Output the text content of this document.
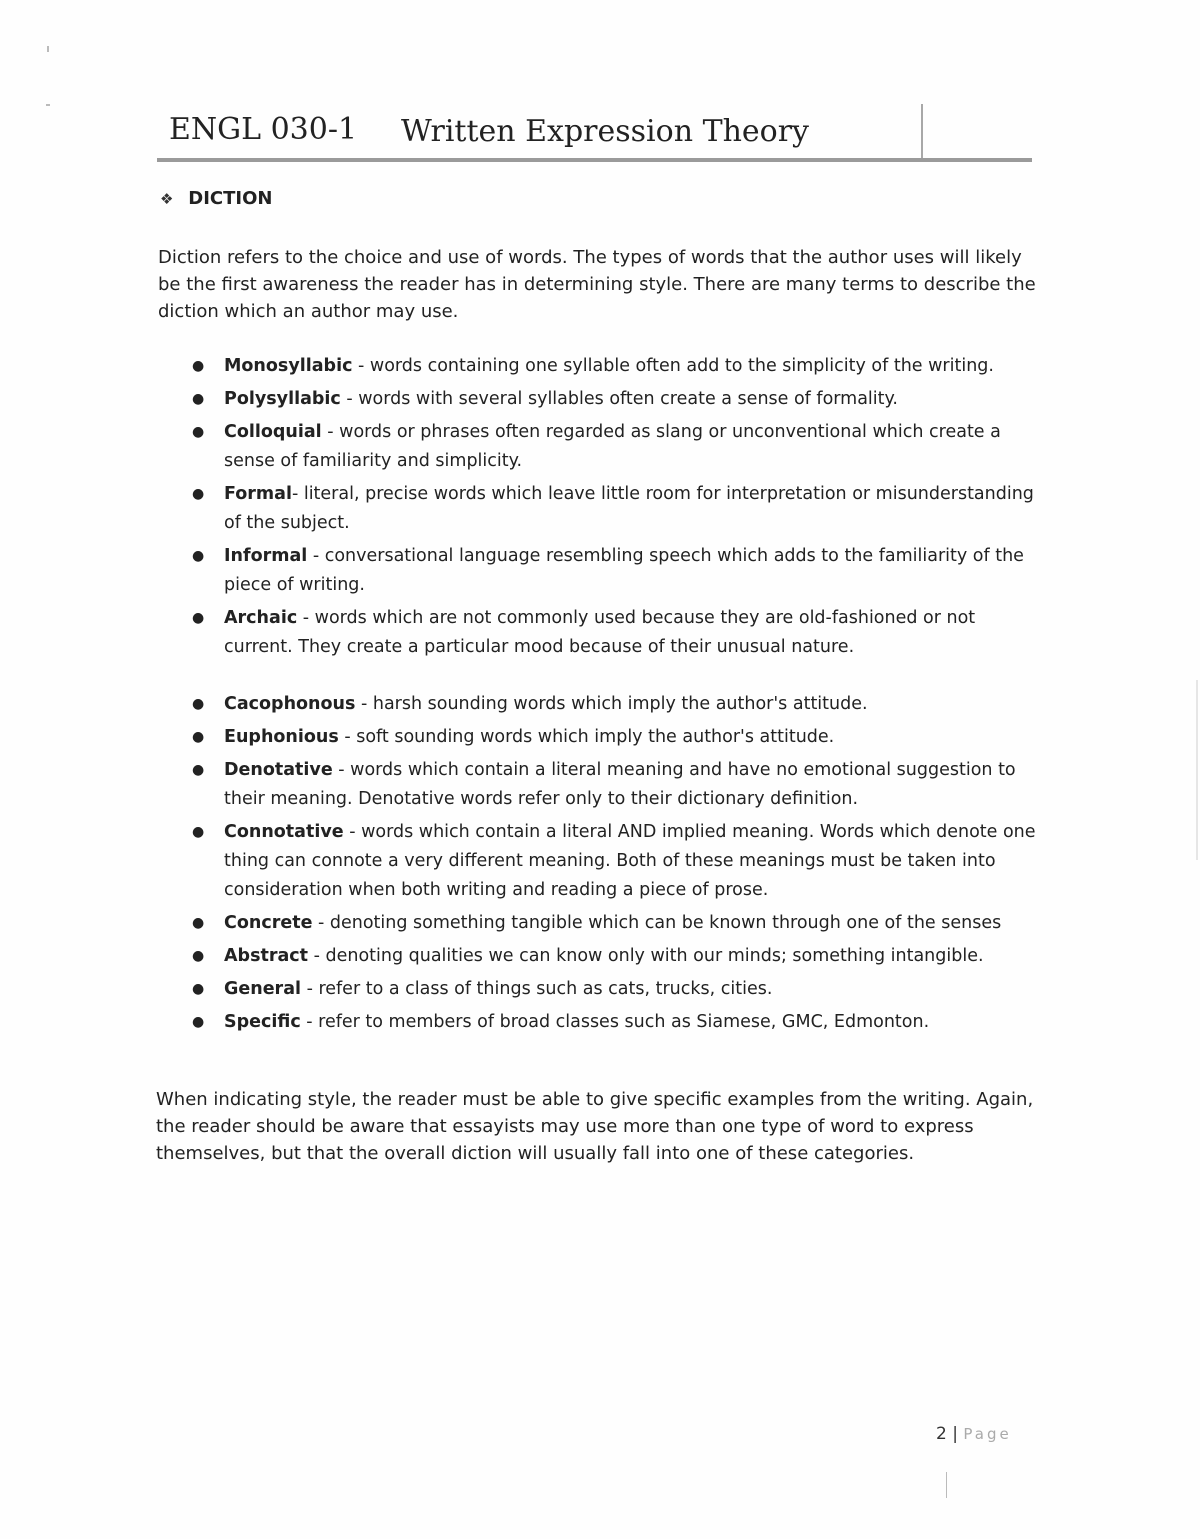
ENGL 030-1 Written Expression Theory
❖ DICTION

Diction refers to the choice and use of words. The types of words that the author uses will likely be the first awareness the reader has in determining style. There are many terms to describe the diction which an author may use.

● Monosyllabic - words containing one syllable often add to the simplicity of the writing.
● Polysyllabic - words with several syllables often create a sense of formality.
● Colloquial - words or phrases often regarded as slang or unconventional which create a sense of familiarity and simplicity.
● Formal- literal, precise words which leave little room for interpretation or misunderstanding of the subject.
● Informal - conversational language resembling speech which adds to the familiarity of the piece of writing.
● Archaic - words which are not commonly used because they are old-fashioned or not current. They create a particular mood because of their unusual nature.
● Cacophonous - harsh sounding words which imply the author's attitude.
● Euphonious - soft sounding words which imply the author's attitude.
● Denotative - words which contain a literal meaning and have no emotional suggestion to their meaning. Denotative words refer only to their dictionary definition.
● Connotative - words which contain a literal AND implied meaning. Words which denote one thing can connote a very different meaning. Both of these meanings must be taken into consideration when both writing and reading a piece of prose.
● Concrete - denoting something tangible which can be known through one of the senses
● Abstract - denoting qualities we can know only with our minds; something intangible.
● General - refer to a class of things such as cats, trucks, cities.
● Specific - refer to members of broad classes such as Siamese, GMC, Edmonton.

When indicating style, the reader must be able to give specific examples from the writing. Again, the reader should be aware that essayists may use more than one type of word to express themselves, but that the overall diction will usually fall into one of these categories.

2 | Page
